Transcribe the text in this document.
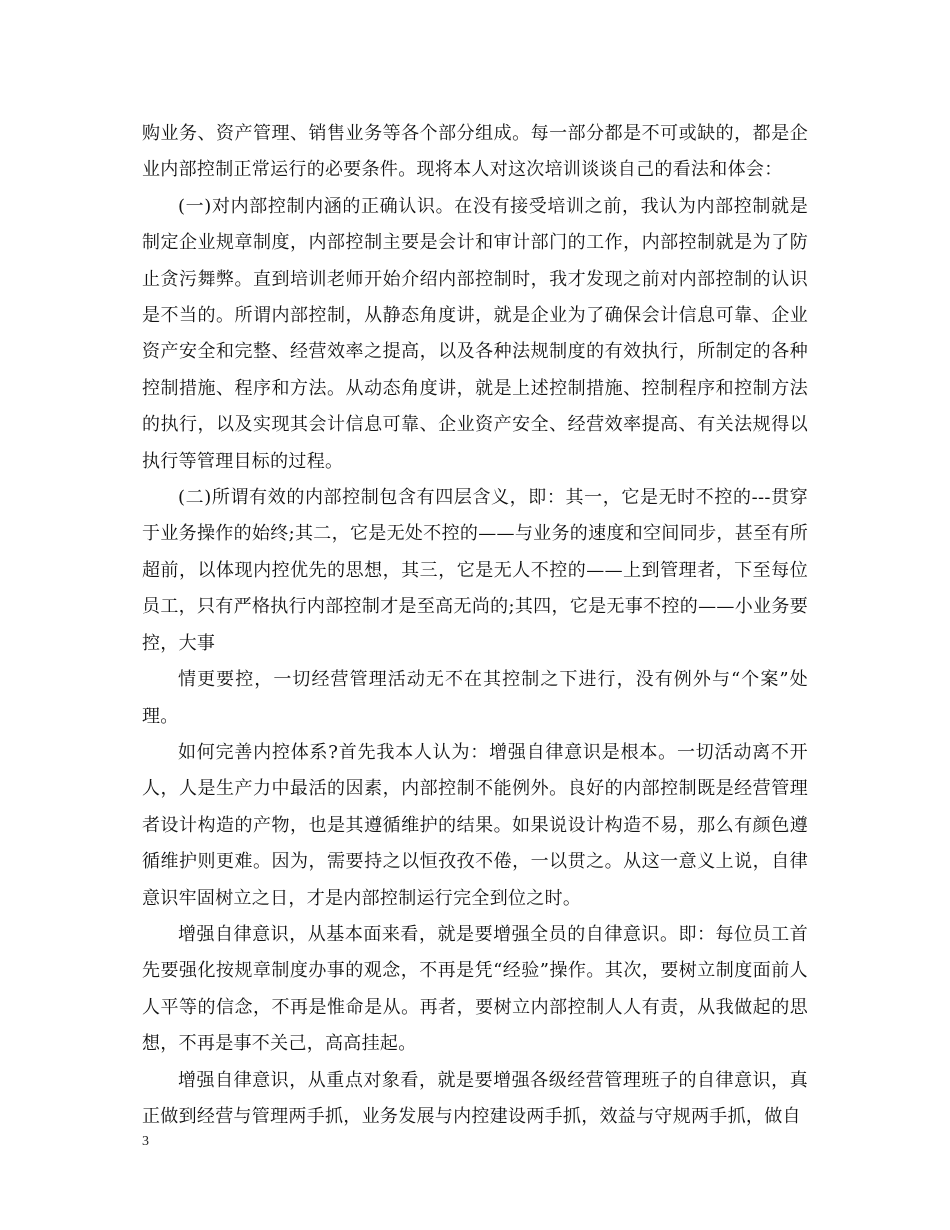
购业务、资产管理、销售业务等各个部分组成。每一部分都是不可或缺的，都是企业内部控制正常运行的必要条件。现将本人对这次培训谈谈自己的看法和体会：

(一)对内部控制内涵的正确认识。在没有接受培训之前，我认为内部控制就是制定企业规章制度，内部控制主要是会计和审计部门的工作，内部控制就是为了防止贪污舞弊。直到培训老师开始介绍内部控制时，我才发现之前对内部控制的认识是不当的。所谓内部控制，从静态角度讲，就是企业为了确保会计信息可靠、企业资产安全和完整、经营效率之提高，以及各种法规制度的有效执行，所制定的各种控制措施、程序和方法。从动态角度讲，就是上述控制措施、控制程序和控制方法的执行，以及实现其会计信息可靠、企业资产安全、经营效率提高、有关法规得以执行等管理目标的过程。

(二)所谓有效的内部控制包含有四层含义，即：其一，它是无时不控的---贯穿于业务操作的始终;其二，它是无处不控的——与业务的速度和空间同步，甚至有所超前，以体现内控优先的思想，其三，它是无人不控的——上到管理者，下至每位员工，只有严格执行内部控制才是至高无尚的;其四，它是无事不控的——小业务要控，大事

情更要控，一切经营管理活动无不在其控制之下进行，没有例外与“个案”处理。

如何完善内控体系?首先我本人认为：增强自律意识是根本。一切活动离不开人，人是生产力中最活的因素，内部控制不能例外。良好的内部控制既是经营管理者设计构造的产物，也是其遵循维护的结果。如果说设计构造不易，那么有颜色遵循维护则更难。因为，需要持之以恒孜孜不倦，一以贯之。从这一意义上说，自律意识牢固树立之日，才是内部控制运行完全到位之时。

增强自律意识，从基本面来看，就是要增强全员的自律意识。即：每位员工首先要强化按规章制度办事的观念，不再是凭“经验”操作。其次，要树立制度面前人人平等的信念，不再是惟命是从。再者，要树立内部控制人人有责，从我做起的思想，不再是事不关己，高高挂起。

增强自律意识，从重点对象看，就是要增强各级经营管理班子的自律意识，真正做到经营与管理两手抓，业务发展与内控建设两手抓，效益与守规两手抓，做自

3
